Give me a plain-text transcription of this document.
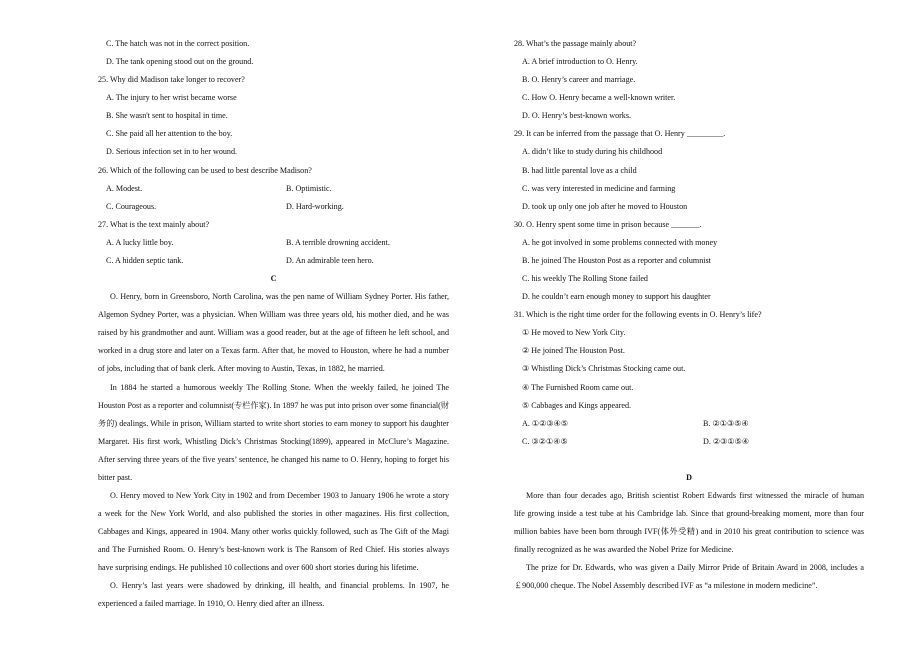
C. The hatch was not in the correct position.
D. The tank opening stood out on the ground.
25. Why did Madison take longer to recover?
A. The injury to her wrist became worse
B. She wasn't sent to hospital in time.
C. She paid all her attention to the boy.
D. Serious infection set in to her wound.
26. Which of the following can be used to best describe Madison?
A. Modest.	B. Optimistic.
C. Courageous.	D. Hard-working.
27. What is the text mainly about?
A. A lucky little boy.	B. A terrible drowning accident.
C. A hidden septic tank.	D. An admirable teen hero.
C
O. Henry, born in Greensboro, North Carolina, was the pen name of William Sydney Porter. His father,
Algemon Sydney Porter, was a physician. When William was three years old, his mother died, and he was
raised by his grandmother and aunt. William was a good reader, but at the age of fifteen he left school, and
worked in a drug store and later on a Texas farm. After that, he moved to Houston, where he had a number
of jobs, including that of bank clerk. After moving to Austin, Texas, in 1882, he married.
In 1884 he started a humorous weekly The Rolling Stone. When the weekly failed, he joined The
Houston Post as a reporter and columnist(专栏作家). In 1897 he was put into prison over some financial(财
务的) dealings. While in prison, William started to write short stories to earn money to support his daughter
Margaret. His first work, Whistling Dick’s Christmas Stocking(1899), appeared in McClure’s Magazine.
After serving three years of the five years’ sentence, he changed his name to O. Henry, hoping to forget his
bitter past.
O. Henry moved to New York City in 1902 and from December 1903 to January 1906 he wrote a story
a week for the New York World, and also published the stories in other magazines. His first collection,
Cabbages and Kings, appeared in 1904. Many other works quickly followed, such as The Gift of the Magi
and The Furnished Room. O. Henry’s best-known work is The Ransom of Red Chief. His stories always
have surprising endings. He published 10 collections and over 600 short stories during his lifetime.
O. Henry’s last years were shadowed by drinking, ill health, and financial problems. In 1907, he
experienced a failed marriage. In 1910, O. Henry died after an illness.
28. What’s the passage mainly about?
A. A brief introduction to O. Henry.
B. O. Henry’s career and marriage.
C. How O. Henry became a well-known writer.
D. O. Henry’s best-known works.
29. It can be inferred from the passage that O. Henry _________.
A. didn’t like to study during his childhood
B. had little parental love as a child
C. was very interested in medicine and farming
D. took up only one job after he moved to Houston
30. O. Henry spent some time in prison because _______.
A. he got involved in some problems connected with money
B. he joined The Houston Post as a reporter and columnist
C. his weekly The Rolling Stone failed
D. he couldn’t earn enough money to support his daughter
31. Which is the right time order for the following events in O. Henry’s life?
① He moved to New York City.
② He joined The Houston Post.
③ Whistling Dick’s Christmas Stocking came out.
④ The Furnished Room came out.
⑤ Cabbages and Kings appeared.
A. ①②③④⑤	B. ②①③⑤④
C. ③②①④⑤	D. ②③①⑤④
D
More than four decades ago, British scientist Robert Edwards first witnessed the miracle of human
life growing inside a test tube at his Cambridge lab. Since that ground-breaking moment, more than four
million babies have been born through IVF(体外受精) and in 2010 his great contribution to science was
finally recognized as he was awarded the Nobel Prize for Medicine.
The prize for Dr. Edwards, who was given a Daily Mirror Pride of Britain Award in 2008, includes a
￡900,000 cheque. The Nobel Assembly described IVF as “a milestone in modern medicine”.
